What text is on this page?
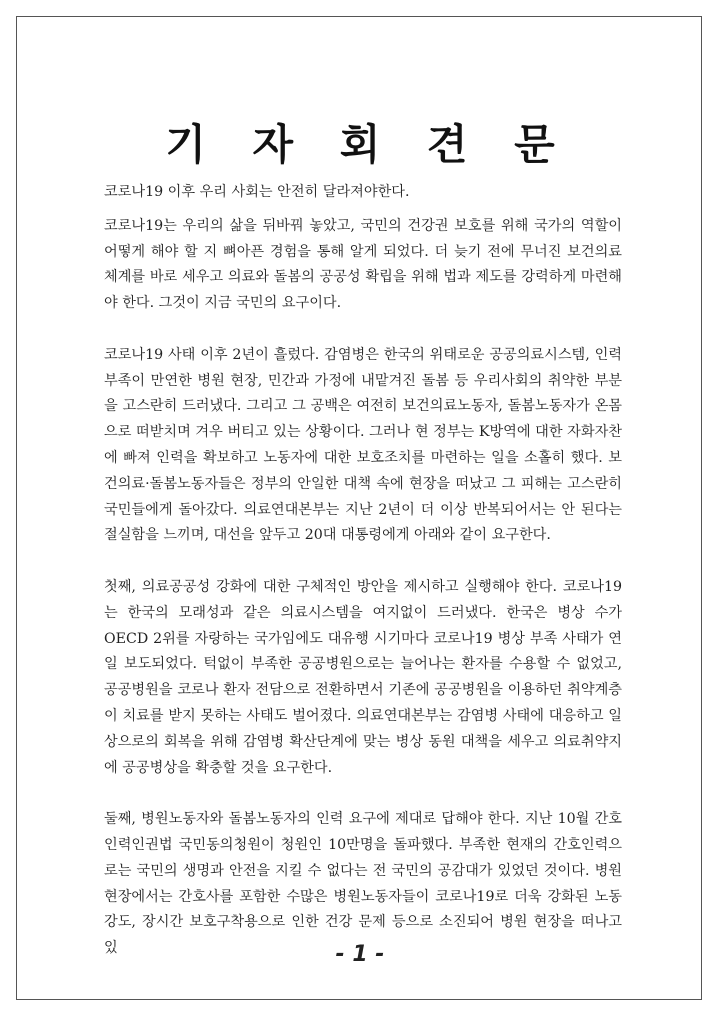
기 자 회 견 문

코로나19 이후 우리 사회는 안전히 달라져야한다.

코로나19는 우리의 삶을 뒤바꿔 놓았고, 국민의 건강권 보호를 위해 국가의 역할이 어떻게 해야 할 지 뼈아픈 경험을 통해 알게 되었다. 더 늦기 전에 무너진 보건의료 체계를 바로 세우고 의료와 돌봄의 공공성 확립을 위해 법과 제도를 강력하게 마련해야 한다. 그것이 지금 국민의 요구이다.

코로나19 사태 이후 2년이 흘렀다. 감염병은 한국의 위태로운 공공의료시스템, 인력부족이 만연한 병원 현장, 민간과 가정에 내맡겨진 돌봄 등 우리사회의 취약한 부분을 고스란히 드러냈다. 그리고 그 공백은 여전히 보건의료노동자, 돌봄노동자가 온몸으로 떠받치며 겨우 버티고 있는 상황이다. 그러나 현 정부는 K방역에 대한 자화자찬에 빠져 인력을 확보하고 노동자에 대한 보호조치를 마련하는 일을 소홀히 했다. 보건의료·돌봄노동자들은 정부의 안일한 대책 속에 현장을 떠났고 그 피해는 고스란히 국민들에게 돌아갔다. 의료연대본부는 지난 2년이 더 이상 반복되어서는 안 된다는 절실함을 느끼며, 대선을 앞두고 20대 대통령에게 아래와 같이 요구한다.

첫째, 의료공공성 강화에 대한 구체적인 방안을 제시하고 실행해야 한다. 코로나19는 한국의 모래성과 같은 의료시스템을 여지없이 드러냈다. 한국은 병상 수가 OECD 2위를 자랑하는 국가임에도 대유행 시기마다 코로나19 병상 부족 사태가 연일 보도되었다. 턱없이 부족한 공공병원으로는 늘어나는 환자를 수용할 수 없었고, 공공병원을 코로나 환자 전담으로 전환하면서 기존에 공공병원을 이용하던 취약계층이 치료를 받지 못하는 사태도 벌어졌다. 의료연대본부는 감염병 사태에 대응하고 일상으로의 회복을 위해 감염병 확산단계에 맞는 병상 동원 대책을 세우고 의료취약지에 공공병상을 확충할 것을 요구한다.

둘째, 병원노동자와 돌봄노동자의 인력 요구에 제대로 답해야 한다. 지난 10월 간호인력인권법 국민동의청원이 청원인 10만명을 돌파했다. 부족한 현재의 간호인력으로는 국민의 생명과 안전을 지킬 수 없다는 전 국민의 공감대가 있었던 것이다. 병원 현장에서는 간호사를 포함한 수많은 병원노동자들이 코로나19로 더욱 강화된 노동강도, 장시간 보호구착용으로 인한 건강 문제 등으로 소진되어 병원 현장을 떠나고 있	- 1 -
